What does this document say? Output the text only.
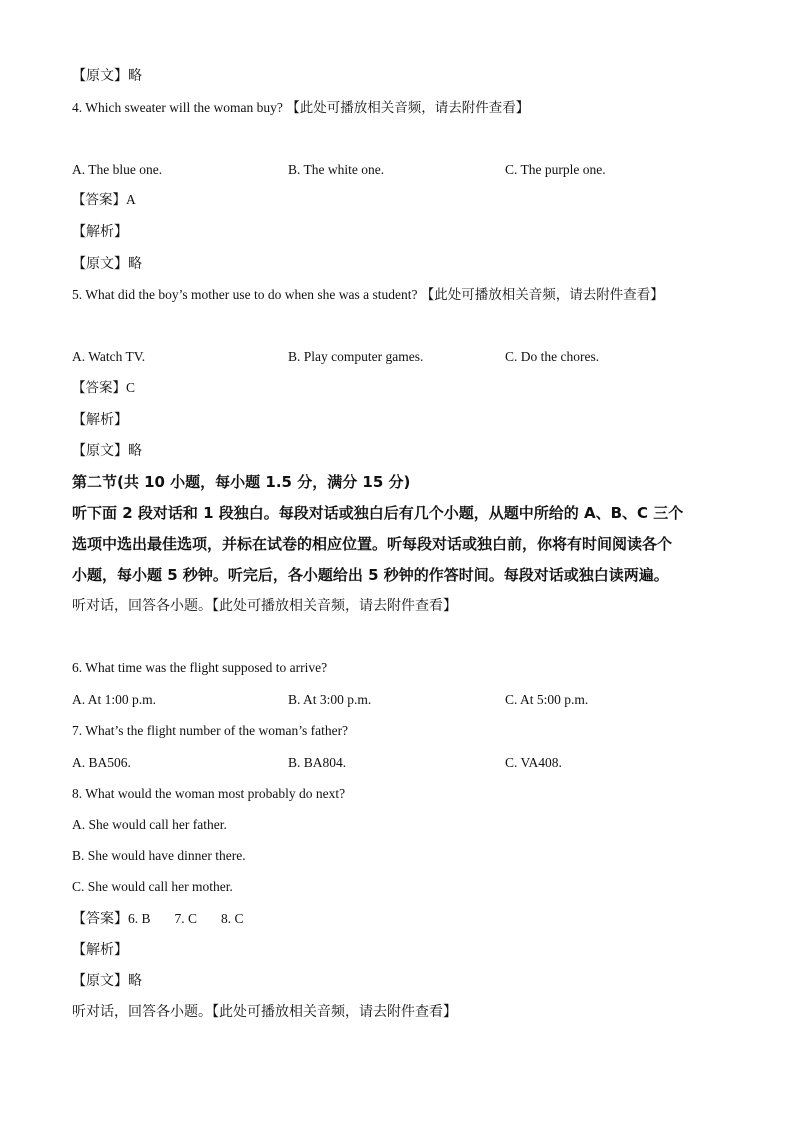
【原文】略
4. Which sweater will the woman buy? 【此处可播放相关音频，请去附件查看】
A. The blue one.	B. The white one.	C. The purple one.
【答案】A
【解析】
【原文】略
5. What did the boy’s mother use to do when she was a student? 【此处可播放相关音频，请去附件查看】
A. Watch TV.	B. Play computer games.	C. Do the chores.
【答案】C
【解析】
【原文】略
第二节(共 10 小题，每小题 1.5 分，满分 15 分)
听下面 2 段对话和 1 段独白。每段对话或独白后有几个小题，从题中所给的 A、B、C 三个
选项中选出最佳选项，并标在试卷的相应位置。听每段对话或独白前，你将有时间阅读各个
小题，每小题 5 秒钟。听完后，各小题给出 5 秒钟的作答时间。每段对话或独白读两遍。
听对话，回答各小题。【此处可播放相关音频，请去附件查看】
6. What time was the flight supposed to arrive?
A. At 1:00 p.m.	B. At 3:00 p.m.	C. At 5:00 p.m.
7. What’s the flight number of the woman’s father?
A. BA506.	B. BA804.	C. VA408.
8. What would the woman most probably do next?
A. She would call her father.
B. She would have dinner there.
C. She would call her mother.
【答案】6. B 7. C 8. C
【解析】
【原文】略
听对话，回答各小题。【此处可播放相关音频，请去附件查看】
